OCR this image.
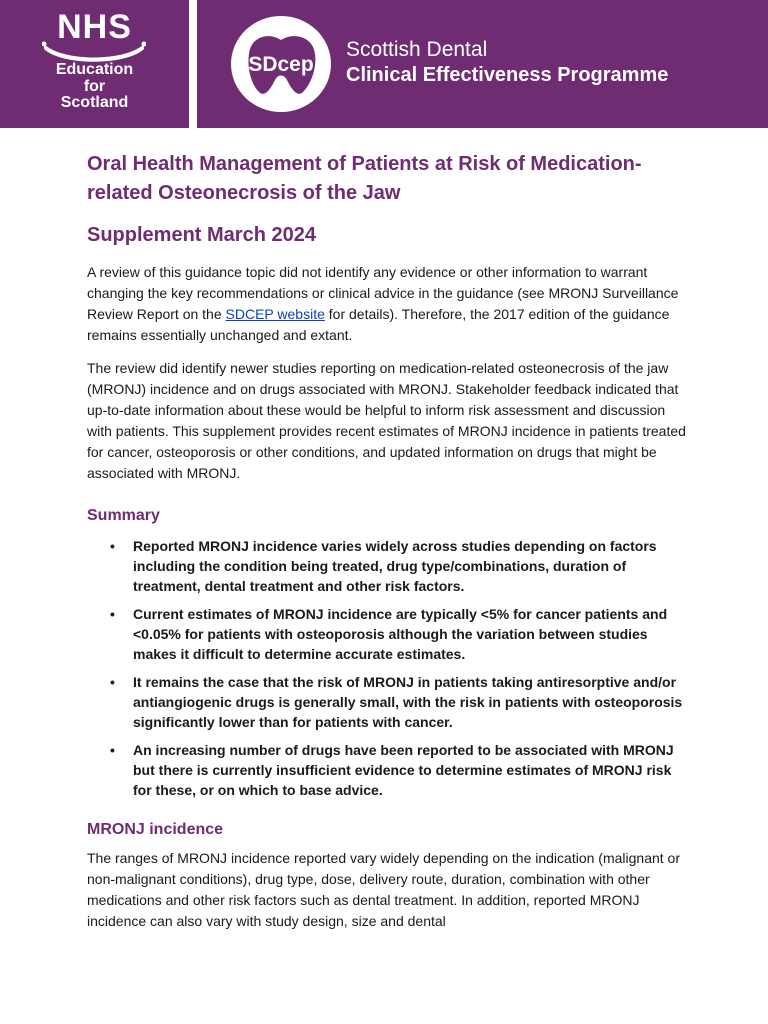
NHS
Education
for
Scotland
SDcep
Scottish Dental
Clinical Effectiveness Programme
Oral Health Management of Patients at Risk of Medication-
related Osteonecrosis of the Jaw
Supplement March 2024

A review of this guidance topic did not identify any evidence or other information to warrant changing the key recommendations or clinical advice in the guidance (see MRONJ Surveillance Review Report on the SDCEP website for details). Therefore, the 2017 edition of the guidance remains essentially unchanged and extant.

The review did identify newer studies reporting on medication-related osteonecrosis of the jaw (MRONJ) incidence and on drugs associated with MRONJ. Stakeholder feedback indicated that up-to-date information about these would be helpful to inform risk assessment and discussion with patients. This supplement provides recent estimates of MRONJ incidence in patients treated for cancer, osteoporosis or other conditions, and updated information on drugs that might be associated with MRONJ.

Summary
• Reported MRONJ incidence varies widely across studies depending on factors including the condition being treated, drug type/combinations, duration of treatment, dental treatment and other risk factors.
• Current estimates of MRONJ incidence are typically <5% for cancer patients and <0.05% for patients with osteoporosis although the variation between studies makes it difficult to determine accurate estimates.
• It remains the case that the risk of MRONJ in patients taking antiresorptive and/or antiangiogenic drugs is generally small, with the risk in patients with osteoporosis significantly lower than for patients with cancer.
• An increasing number of drugs have been reported to be associated with MRONJ but there is currently insufficient evidence to determine estimates of MRONJ risk for these, or on which to base advice.
MRONJ incidence

The ranges of MRONJ incidence reported vary widely depending on the indication (malignant or non-malignant conditions), drug type, dose, delivery route, duration, combination with other medications and other risk factors such as dental treatment. In addition, reported MRONJ incidence can also vary with study design, size and dental
